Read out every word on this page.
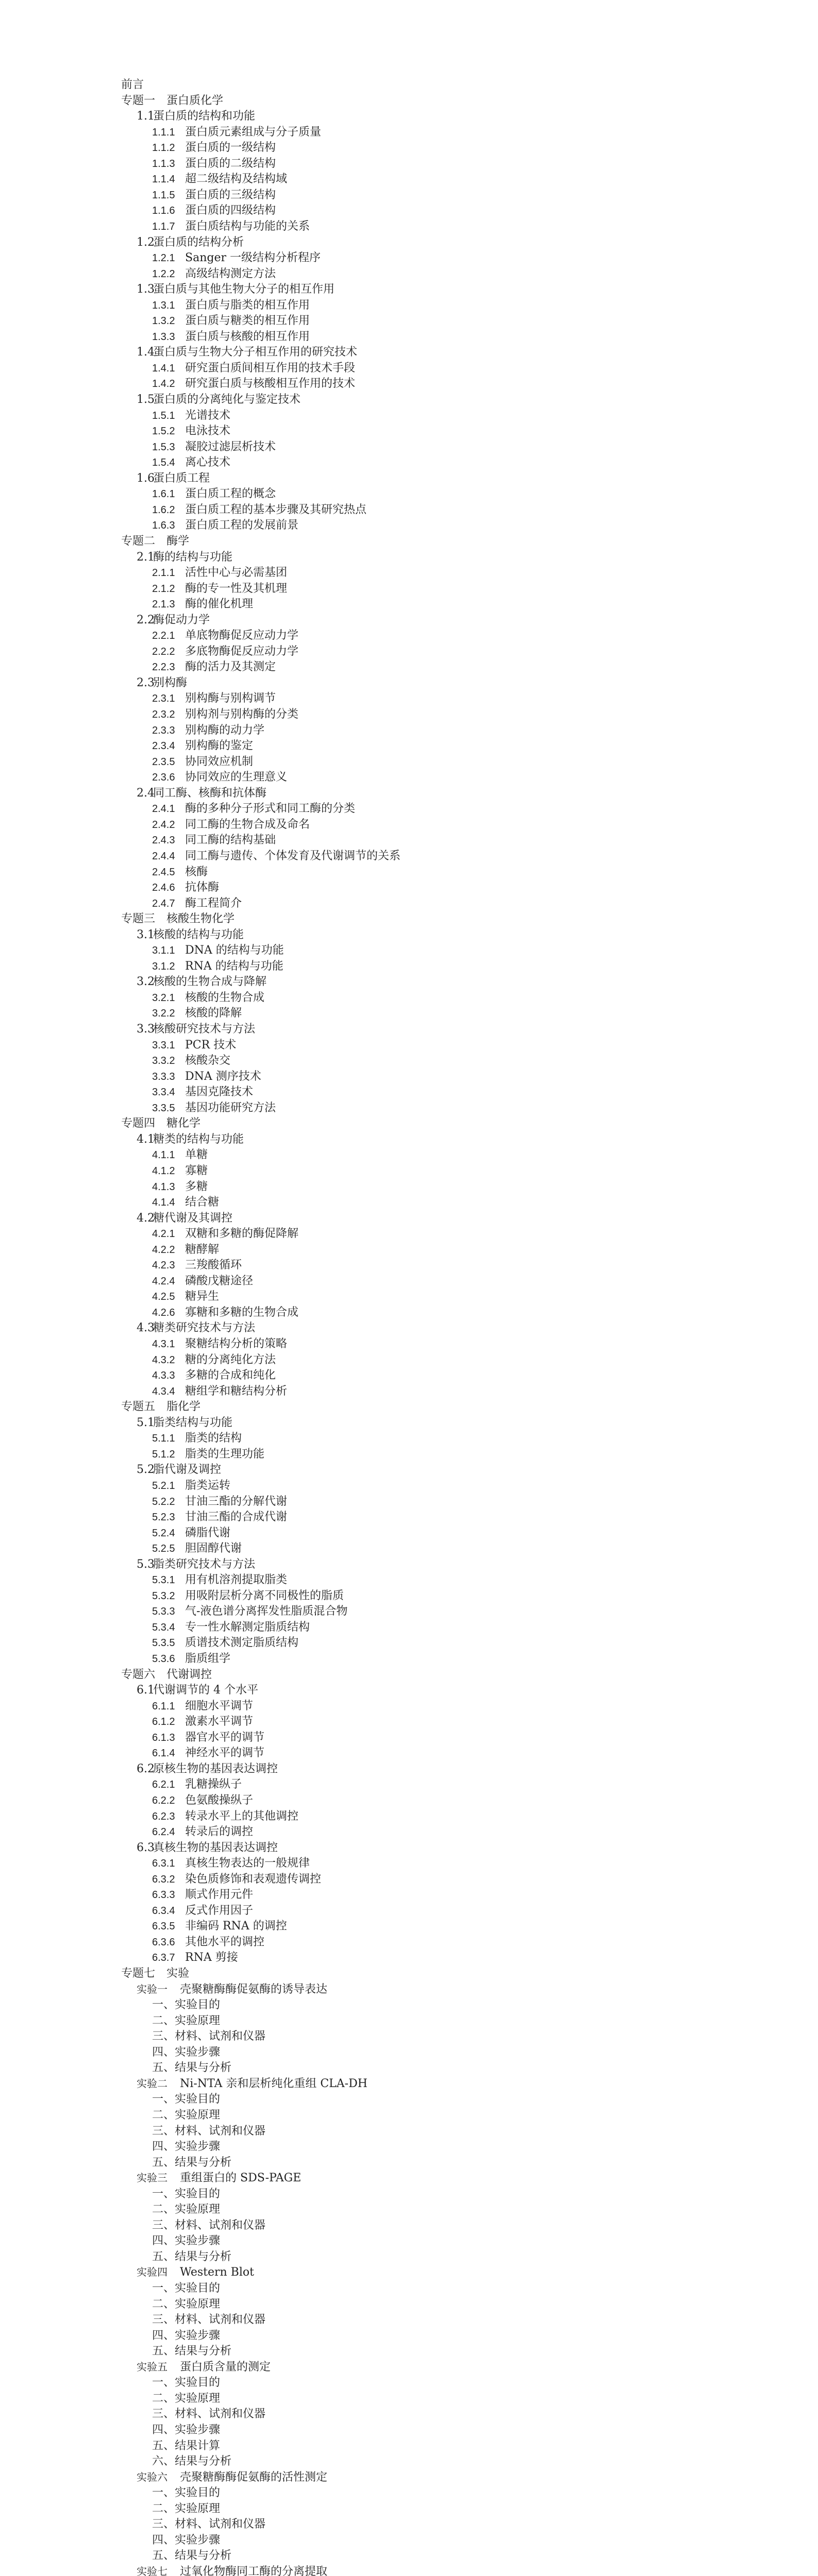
前言
专题一 蛋白质化学
1.1蛋白质的结构和功能
1.1.1 蛋白质元素组成与分子质量
1.1.2 蛋白质的一级结构
1.1.3 蛋白质的二级结构
1.1.4 超二级结构及结构域
1.1.5 蛋白质的三级结构
1.1.6 蛋白质的四级结构
1.1.7 蛋白质结构与功能的关系
1.2蛋白质的结构分析
1.2.1 Sanger 一级结构分析程序
1.2.2 高级结构测定方法
1.3蛋白质与其他生物大分子的相互作用
1.3.1 蛋白质与脂类的相互作用
1.3.2 蛋白质与糖类的相互作用
1.3.3 蛋白质与核酸的相互作用
1.4蛋白质与生物大分子相互作用的研究技术
1.4.1 研究蛋白质间相互作用的技术手段
1.4.2 研究蛋白质与核酸相互作用的技术
1.5蛋白质的分离纯化与鉴定技术
1.5.1 光谱技术
1.5.2 电泳技术
1.5.3 凝胶过滤层析技术
1.5.4 离心技术
1.6蛋白质工程
1.6.1 蛋白质工程的概念
1.6.2 蛋白质工程的基本步骤及其研究热点
1.6.3 蛋白质工程的发展前景
专题二 酶学
2.1酶的结构与功能
2.1.1 活性中心与必需基团
2.1.2 酶的专一性及其机理
2.1.3 酶的催化机理
2.2酶促动力学
2.2.1 单底物酶促反应动力学
2.2.2 多底物酶促反应动力学
2.2.3 酶的活力及其测定
2.3别构酶
2.3.1 别构酶与别构调节
2.3.2 别构剂与别构酶的分类
2.3.3 别构酶的动力学
2.3.4 别构酶的鉴定
2.3.5 协同效应机制
2.3.6 协同效应的生理意义
2.4同工酶、核酶和抗体酶
2.4.1 酶的多种分子形式和同工酶的分类
2.4.2 同工酶的生物合成及命名
2.4.3 同工酶的结构基础
2.4.4 同工酶与遗传、个体发育及代谢调节的关系
2.4.5 核酶
2.4.6 抗体酶
2.4.7 酶工程简介
专题三 核酸生物化学
3.1核酸的结构与功能
3.1.1 DNA 的结构与功能
3.1.2 RNA 的结构与功能
3.2核酸的生物合成与降解
3.2.1 核酸的生物合成
3.2.2 核酸的降解
3.3核酸研究技术与方法
3.3.1 PCR 技术
3.3.2 核酸杂交
3.3.3 DNA 测序技术
3.3.4 基因克隆技术
3.3.5 基因功能研究方法
专题四 糖化学
4.1糖类的结构与功能
4.1.1 单糖
4.1.2 寡糖
4.1.3 多糖
4.1.4 结合糖
4.2糖代谢及其调控
4.2.1 双糖和多糖的酶促降解
4.2.2 糖酵解
4.2.3 三羧酸循环
4.2.4 磷酸戊糖途径
4.2.5 糖异生
4.2.6 寡糖和多糖的生物合成
4.3糖类研究技术与方法
4.3.1 聚糖结构分析的策略
4.3.2 糖的分离纯化方法
4.3.3 多糖的合成和纯化
4.3.4 糖组学和糖结构分析
专题五 脂化学
5.1脂类结构与功能
5.1.1 脂类的结构
5.1.2 脂类的生理功能
5.2脂代谢及调控
5.2.1 脂类运转
5.2.2 甘油三酯的分解代谢
5.2.3 甘油三酯的合成代谢
5.2.4 磷脂代谢
5.2.5 胆固醇代谢
5.3脂类研究技术与方法
5.3.1 用有机溶剂提取脂类
5.3.2 用吸附层析分离不同极性的脂质
5.3.3 气-液色谱分离挥发性脂质混合物
5.3.4 专一性水解测定脂质结构
5.3.5 质谱技术测定脂质结构
5.3.6 脂质组学
专题六 代谢调控
6.1代谢调节的 4 个水平
6.1.1 细胞水平调节
6.1.2 激素水平调节
6.1.3 器官水平的调节
6.1.4 神经水平的调节
6.2原核生物的基因表达调控
6.2.1 乳糖操纵子
6.2.2 色氨酸操纵子
6.2.3 转录水平上的其他调控
6.2.4 转录后的调控
6.3真核生物的基因表达调控
6.3.1 真核生物表达的一般规律
6.3.2 染色质修饰和表观遗传调控
6.3.3 顺式作用元件
6.3.4 反式作用因子
6.3.5 非编码 RNA 的调控
6.3.6 其他水平的调控
6.3.7 RNA 剪接
专题七 实验
实验一 壳聚糖酶酶促氨酶的诱导表达
一、实验目的
二、实验原理
三、材料、试剂和仪器
四、实验步骤
五、结果与分析
实验二 Ni-NTA 亲和层析纯化重组 CLA-DH
一、实验目的
二、实验原理
三、材料、试剂和仪器
四、实验步骤
五、结果与分析
实验三 重组蛋白的 SDS-PAGE
一、实验目的
二、实验原理
三、材料、试剂和仪器
四、实验步骤
五、结果与分析
实验四 Western Blot
一、实验目的
二、实验原理
三、材料、试剂和仪器
四、实验步骤
五、结果与分析
实验五 蛋白质含量的测定
一、实验目的
二、实验原理
三、材料、试剂和仪器
四、实验步骤
五、结果计算
六、结果与分析
实验六 壳聚糖酶酶促氨酶的活性测定
一、实验目的
二、实验原理
三、材料、试剂和仪器
四、实验步骤
五、结果与分析
实验七 过氧化物酶同工酶的分离提取
